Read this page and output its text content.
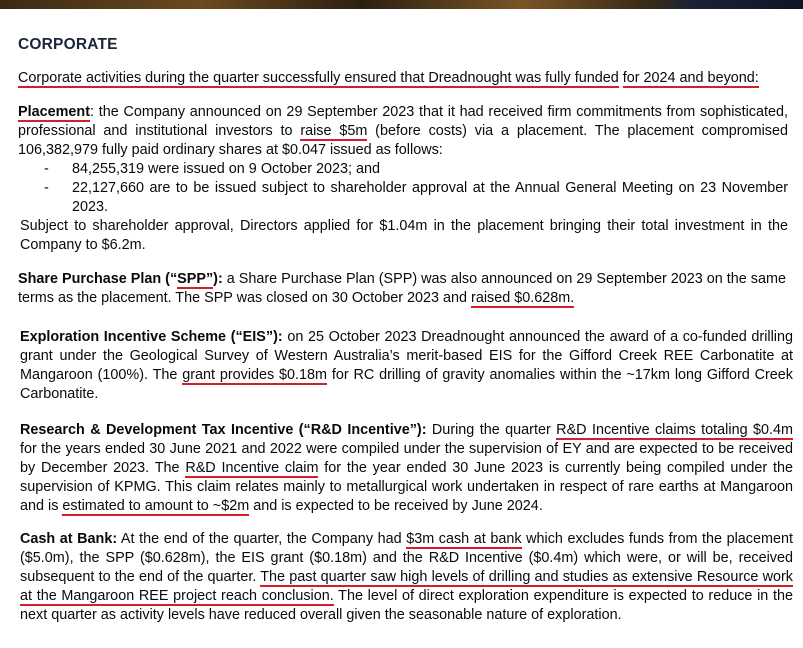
CORPORATE
Corporate activities during the quarter successfully ensured that Dreadnought was fully funded for 2024 and beyond:
Placement: the Company announced on 29 September 2023 that it had received firm commitments from sophisticated, professional and institutional investors to raise $5m (before costs) via a placement. The placement compromised 106,382,979 fully paid ordinary shares at $0.047 issued as follows:
- 84,255,319 were issued on 9 October 2023; and
- 22,127,660 are to be issued subject to shareholder approval at the Annual General Meeting on 23 November 2023.
Subject to shareholder approval, Directors applied for $1.04m in the placement bringing their total investment in the Company to $6.2m.
Share Purchase Plan (“SPP”): a Share Purchase Plan (SPP) was also announced on 29 September 2023 on the same terms as the placement. The SPP was closed on 30 October 2023 and raised $0.628m.
Exploration Incentive Scheme (“EIS”): on 25 October 2023 Dreadnought announced the award of a co-funded drilling grant under the Geological Survey of Western Australia’s merit-based EIS for the Gifford Creek REE Carbonatite at Mangaroon (100%). The grant provides $0.18m for RC drilling of gravity anomalies within the ~17km long Gifford Creek Carbonatite.
Research & Development Tax Incentive (“R&D Incentive”): During the quarter R&D Incentive claims totaling $0.4m for the years ended 30 June 2021 and 2022 were compiled under the supervision of EY and are expected to be received by December 2023. The R&D Incentive claim for the year ended 30 June 2023 is currently being compiled under the supervision of KPMG. This claim relates mainly to metallurgical work undertaken in respect of rare earths at Mangaroon and is estimated to amount to ~$2m and is expected to be received by June 2024.
Cash at Bank: At the end of the quarter, the Company had $3m cash at bank which excludes funds from the placement ($5.0m), the SPP ($0.628m), the EIS grant ($0.18m) and the R&D Incentive ($0.4m) which were, or will be, received subsequent to the end of the quarter. The past quarter saw high levels of drilling and studies as extensive Resource work at the Mangaroon REE project reach conclusion. The level of direct exploration expenditure is expected to reduce in the next quarter as activity levels have reduced overall given the seasonable nature of exploration.
